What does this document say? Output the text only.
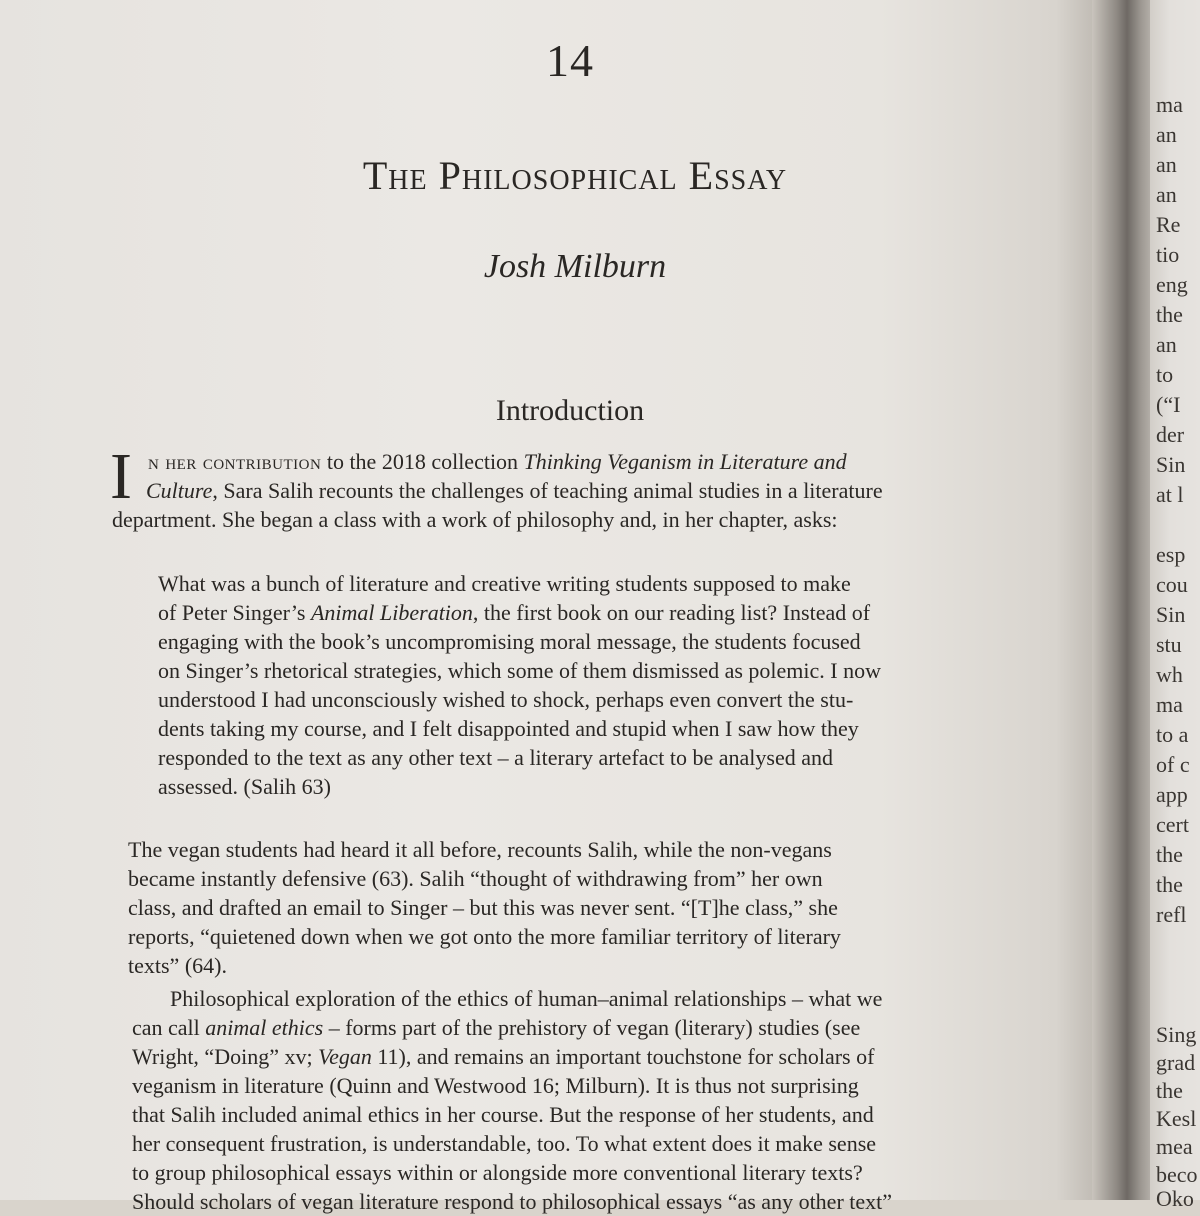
14
The Philosophical Essay
Josh Milburn
Introduction
I n her contribution to the 2018 collection Thinking Veganism in Literature and
Culture, Sara Salih recounts the challenges of teaching animal studies in a literature
department. She began a class with a work of philosophy and, in her chapter, asks:
What was a bunch of literature and creative writing students supposed to make
of Peter Singer’s Animal Liberation, the first book on our reading list? Instead of
engaging with the book’s uncompromising moral message, the students focused
on Singer’s rhetorical strategies, which some of them dismissed as polemic. I now
understood I had unconsciously wished to shock, perhaps even convert the stu-
dents taking my course, and I felt disappointed and stupid when I saw how they
responded to the text as any other text – a literary artefact to be analysed and
assessed. (Salih 63)
The vegan students had heard it all before, recounts Salih, while the non-vegans
became instantly defensive (63). Salih “thought of withdrawing from” her own
class, and drafted an email to Singer – but this was never sent. “[T]he class,” she
reports, “quietened down when we got onto the more familiar territory of literary
texts” (64).
Philosophical exploration of the ethics of human–animal relationships – what we
can call animal ethics – forms part of the prehistory of vegan (literary) studies (see
Wright, “Doing” xv; Vegan 11), and remains an important touchstone for scholars of
veganism in literature (Quinn and Westwood 16; Milburn). It is thus not surprising
that Salih included animal ethics in her course. But the response of her students, and
her consequent frustration, is understandable, too. To what extent does it make sense
to group philosophical essays within or alongside more conventional literary texts?
Should scholars of vegan literature respond to philosophical essays “as any other text”
ma
an
an
an
Re
tio
eng
the
an
to
(“I
der
Sin
at l
esp
cou
Sin
stu
wh
ma
to a
of c
app
cert
the
the
refl
Sing
grad
the
Kesl
mea
beco
Oko
